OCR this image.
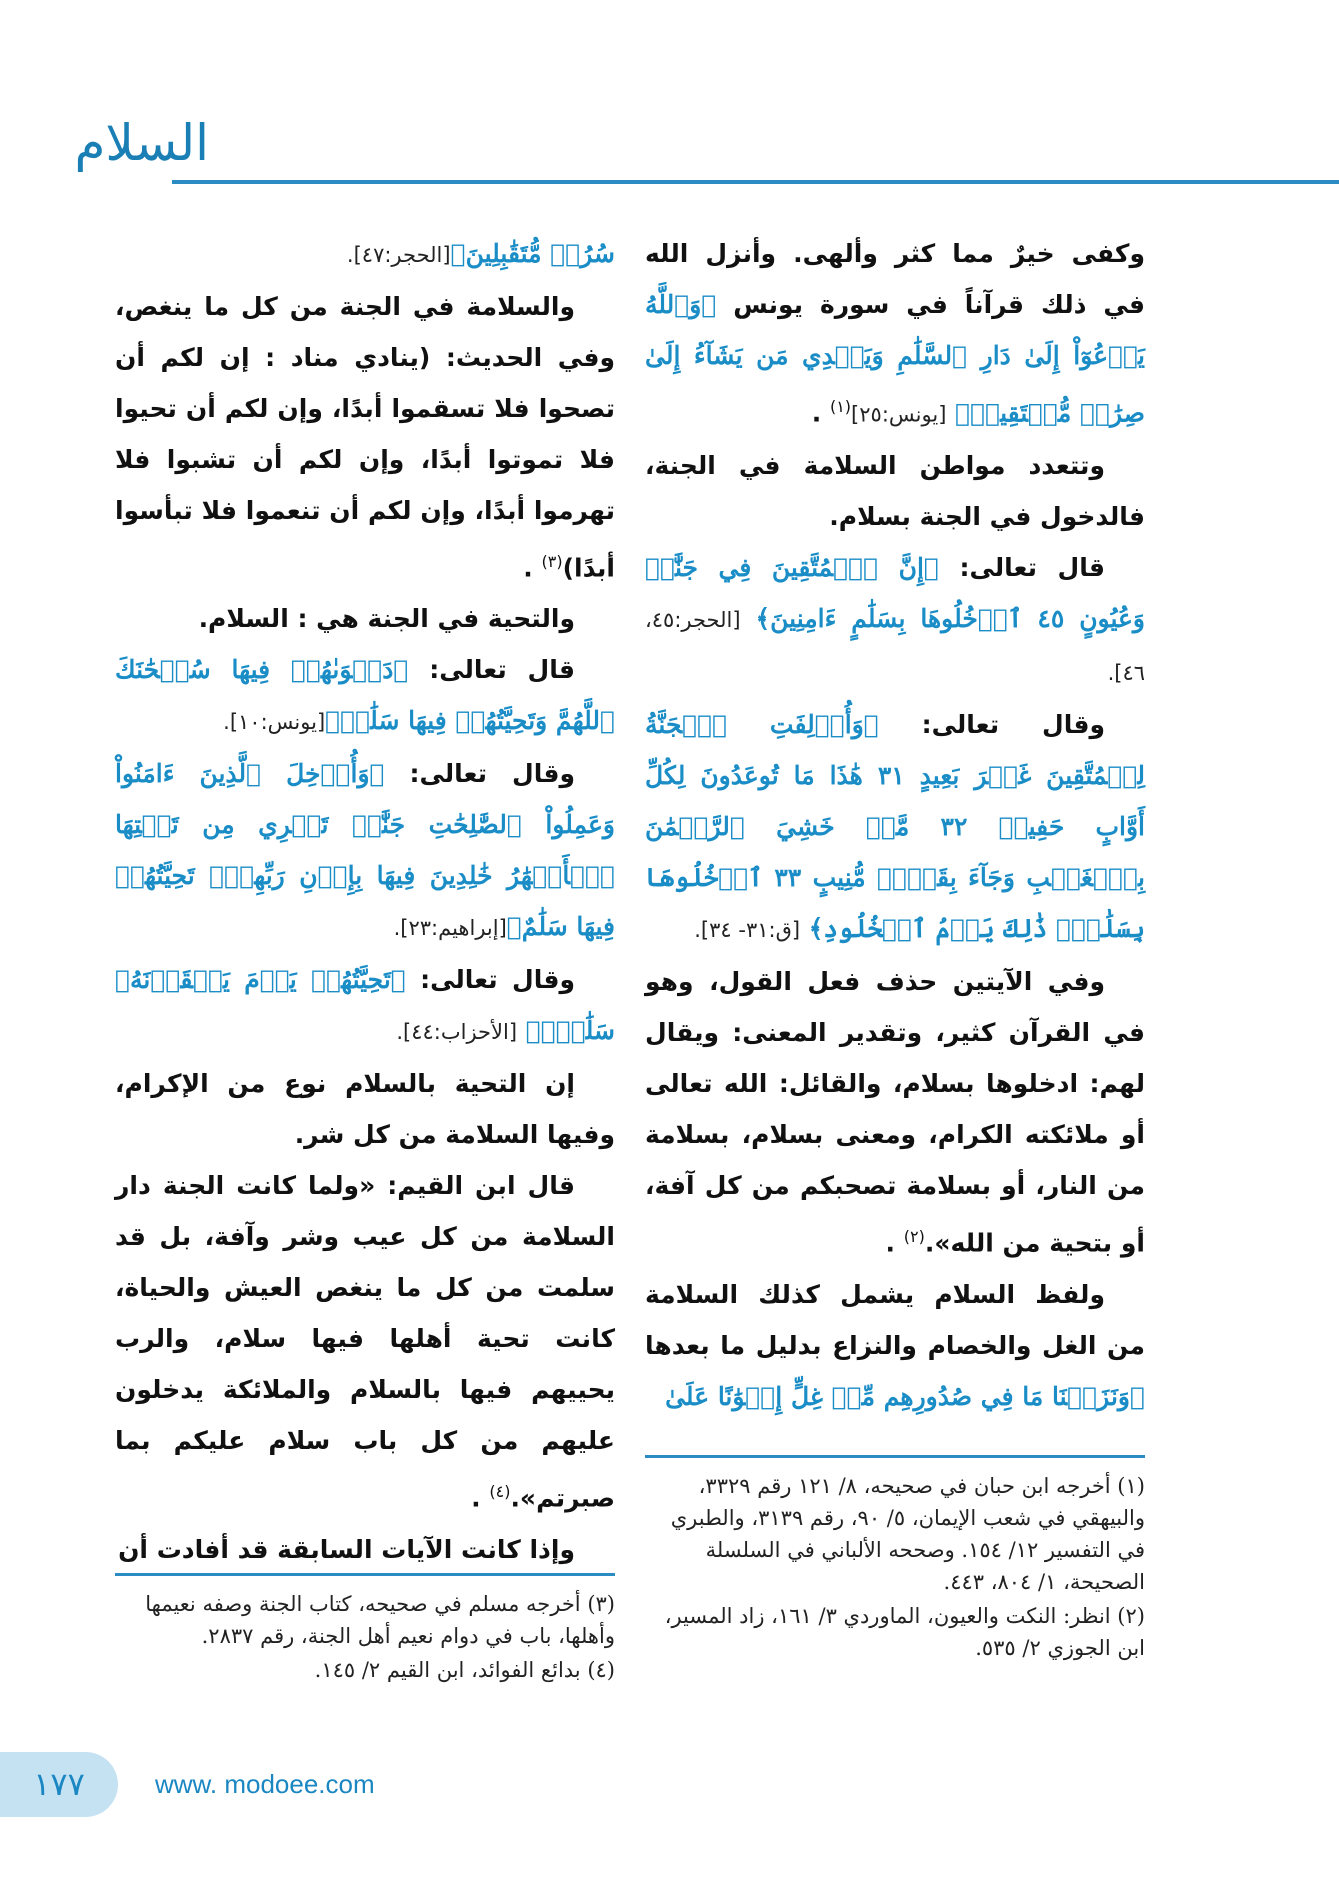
السلام

وكفى خيرٌ مما كثر وألهى. وأنزل الله في ذلك قرآناً في سورة يونس ﴿وَٱللَّهُ يَدۡعُوٓاْ إِلَىٰ دَارِ ٱلسَّلَٰمِ وَيَهۡدِي مَن يَشَآءُ إِلَىٰ صِرَٰطٖ مُّسۡتَقِيمٖ﴾ [يونس:٢٥]$^{(١)}$ .

وتتعدد مواطن السلامة في الجنة، فالدخول في الجنة بسلام.

قال تعالى: ﴿إِنَّ ٱلۡمُتَّقِينَ فِي جَنَّٰتٖ وَعُيُونٍ ٤٥ ٱدۡخُلُوهَا بِسَلَٰمٍ ءَامِنِينَ﴾ [الحجر:٤٥، ٤٦].

وقال تعالى: ﴿وَأُزۡلِفَتِ ٱلۡجَنَّةُ لِلۡمُتَّقِينَ غَيۡرَ بَعِيدٍ ٣١ هَٰذَا مَا تُوعَدُونَ لِكُلِّ أَوَّابٍ حَفِيظٖ ٣٢ مَّنۡ خَشِيَ ٱلرَّحۡمَٰنَ بِٱلۡغَيۡبِ وَجَآءَ بِقَلۡبٖ مُّنِيبٍ ٣٣ ٱدۡخُلُوهَا بِسَلَٰمٖۖ ذَٰلِكَ يَوۡمُ ٱلۡخُلُودِ﴾ [ق:٣١- ٣٤].

وفي الآيتين حذف فعل القول، وهو في القرآن كثير، وتقدير المعنى: ويقال لهم: ادخلوها بسلام، والقائل: الله تعالى أو ملائكته الكرام، ومعنى بسلام، بسلامة من النار، أو بسلامة تصحبكم من كل آفة، أو بتحية من الله».$^{(٢)}$ .

ولفظ السلام يشمل كذلك السلامة من الغل والخصام والنزاع بدليل ما بعدها ﴿وَنَزَعۡنَا مَا فِي صُدُورِهِم مِّنۡ غِلٍّ إِخۡوَٰنًا عَلَىٰ

(١) أخرجه ابن حبان في صحيحه، ٨/ ١٢١ رقم ٣٣٢٩، والبيهقي في شعب الإيمان، ٥/ ٩٠، رقم ٣١٣٩، والطبري في التفسير ١٢/ ١٥٤. وصححه الألباني في السلسلة الصحيحة، ١/ ٨٠٤، ٤٤٣.

(٢) انظر: النكت والعيون، الماوردي ٣/ ١٦١، زاد المسير، ابن الجوزي ٢/ ٥٣٥.

سُرُرٖ مُّتَقَٰبِلِينَ﴾[الحجر:٤٧].

والسلامة في الجنة من كل ما ينغص، وفي الحديث: (ينادي مناد : إن لكم أن تصحوا فلا تسقموا أبدًا، وإن لكم أن تحيوا فلا تموتوا أبدًا، وإن لكم أن تشبوا فلا تهرموا أبدًا، وإن لكم أن تنعموا فلا تبأسوا أبدًا)$^{(٣)}$ .

والتحية في الجنة هي : السلام.

قال تعالى: ﴿دَعۡوَىٰهُمۡ فِيهَا سُبۡحَٰنَكَ ٱللَّهُمَّ وَتَحِيَّتُهُمۡ فِيهَا سَلَٰمٞ﴾[يونس:١٠].

وقال تعالى: ﴿وَأُدۡخِلَ ٱلَّذِينَ ءَامَنُواْ وَعَمِلُواْ ٱلصَّٰلِحَٰتِ جَنَّٰتٖ تَجۡرِي مِن تَحۡتِهَا ٱلۡأَنۡهَٰرُ خَٰلِدِينَ فِيهَا بِإِذۡنِ رَبِّهِمۡۖ تَحِيَّتُهُمۡ فِيهَا سَلَٰمٌ﴾[إبراهيم:٢٣].

وقال تعالى: ﴿تَحِيَّتُهُمۡ يَوۡمَ يَلۡقَوۡنَهُۥ سَلَٰمٞۚ﴾ [الأحزاب:٤٤].

إن التحية بالسلام نوع من الإكرام، وفيها السلامة من كل شر.

قال ابن القيم: «ولما كانت الجنة دار السلامة من كل عيب وشر وآفة، بل قد سلمت من كل ما ينغص العيش والحياة، كانت تحية أهلها فيها سلام، والرب يحييهم فيها بالسلام والملائكة يدخلون عليهم من كل باب سلام عليكم بما صبرتم».$^{(٤)}$ .

وإذا كانت الآيات السابقة قد أفادت أن

(٣) أخرجه مسلم في صحيحه، كتاب الجنة وصفه نعيمها وأهلها، باب في دوام نعيم أهل الجنة، رقم ٢٨٣٧.

(٤) بدائع الفوائد، ابن القيم ٢/ ١٤٥.

١٧٧	www. modoee.com
